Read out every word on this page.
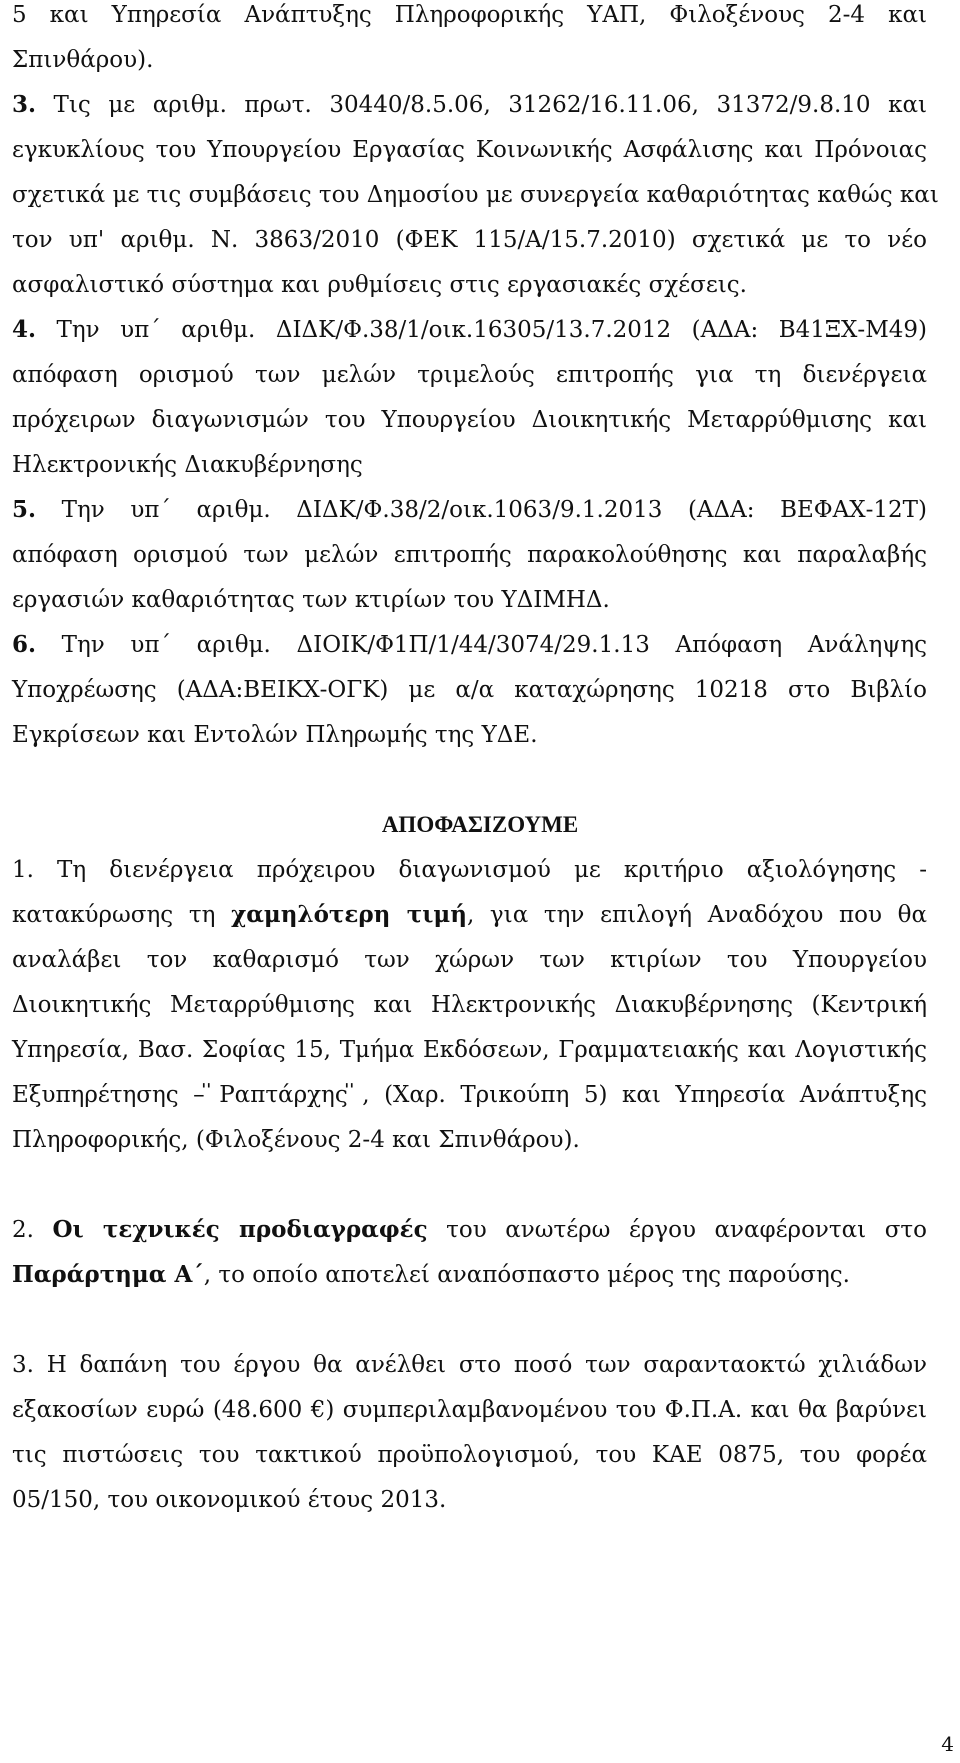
5 και Υπηρεσία Ανάπτυξης Πληροφορικής ΥΑΠ, Φιλοξένους 2-4 και
Σπινθάρου).
3. Τις με αριθμ. πρωτ. 30440/8.5.06, 31262/16.11.06, 31372/9.8.10 και
εγκυκλίους του Υπουργείου Εργασίας Κοινωνικής Ασφάλισης και Πρόνοιας
σχετικά με τις συμβάσεις του Δημοσίου με συνεργεία καθαριότητας καθώς και
τον υπ' αριθμ. Ν. 3863/2010 (ΦΕΚ 115/Α/15.7.2010) σχετικά με το νέο
ασφαλιστικό σύστημα και ρυθμίσεις στις εργασιακές σχέσεις.
4. Την υπ΄ αριθμ. ΔΙΔΚ/Φ.38/1/οικ.16305/13.7.2012 (ΑΔΑ: Β41ΞΧ-Μ49)
απόφαση ορισμού των μελών τριμελούς επιτροπής για τη διενέργεια
πρόχειρων διαγωνισμών του Υπουργείου Διοικητικής Μεταρρύθμισης και
Ηλεκτρονικής Διακυβέρνησης
5. Την υπ΄ αριθμ. ΔΙΔΚ/Φ.38/2/οικ.1063/9.1.2013 (ΑΔΑ: ΒΕΦΑΧ-12Τ)
απόφαση ορισμού των μελών επιτροπής παρακολούθησης και παραλαβής
εργασιών καθαριότητας των κτιρίων του ΥΔΙΜΗΔ.
6. Την υπ΄ αριθμ. ΔΙΟΙΚ/Φ1Π/1/44/3074/29.1.13 Απόφαση Ανάληψης
Υποχρέωσης (ΑΔΑ:ΒΕΙΚΧ-ΟΓΚ) με α/α καταχώρησης 10218 στο Βιβλίο
Εγκρίσεων και Εντολών Πληρωμής της ΥΔΕ.
ΑΠΟΦΑΣΙΖΟΥΜΕ
1. Τη διενέργεια πρόχειρου διαγωνισμού με κριτήριο αξιολόγησης -
κατακύρωσης τη χαμηλότερη τιμή, για την επιλογή Αναδόχου που θα
αναλάβει τον καθαρισμό των χώρων των κτιρίων του Υπουργείου
Διοικητικής Μεταρρύθμισης και Ηλεκτρονικής Διακυβέρνησης (Κεντρική
Υπηρεσία, Βασ. Σοφίας 15, Τμήμα Εκδόσεων, Γραμματειακής και Λογιστικής
Εξυπηρέτησης – ̎Ραπτάρχης ̎, (Χαρ. Τρικούπη 5) και Υπηρεσία Ανάπτυξης
Πληροφορικής, (Φιλοξένους 2-4 και Σπινθάρου).
2. Οι τεχνικές προδιαγραφές του ανωτέρω έργου αναφέρονται στο
Παράρτημα Α΄, το οποίο αποτελεί αναπόσπαστο μέρος της παρούσης.
3. Η δαπάνη του έργου θα ανέλθει στο ποσό των σαρανταοκτώ χιλιάδων
εξακοσίων ευρώ (48.600 €) συμπεριλαμβανομένου του Φ.Π.Α. και θα βαρύνει
τις πιστώσεις του τακτικού προϋπολογισμού, του ΚΑΕ 0875, του φορέα
05/150, του οικονομικού έτους 2013.
4
